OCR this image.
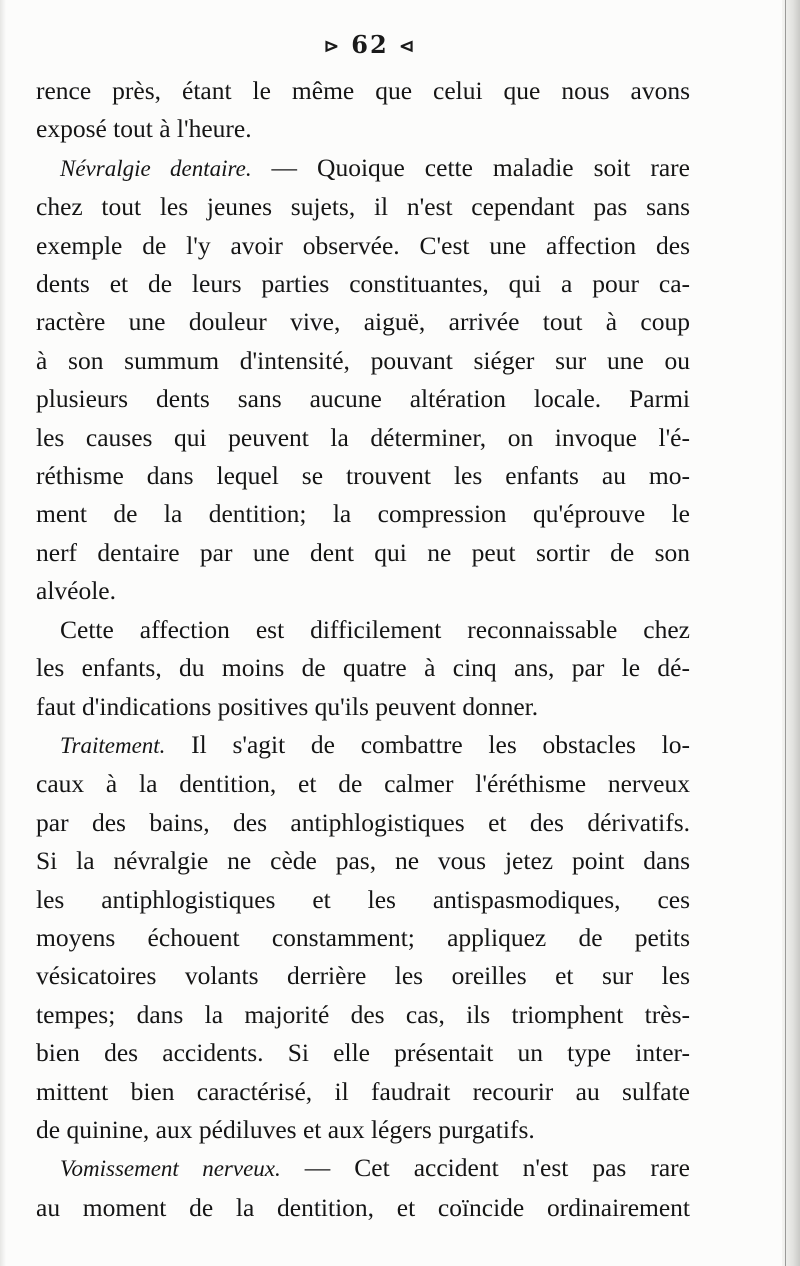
⊳ 62 ⊲
rence près, étant le même que celui que nous avons
exposé tout à l'heure.
Névralgie dentaire. — Quoique cette maladie soit rare
chez tout les jeunes sujets, il n'est cependant pas sans
exemple de l'y avoir observée. C'est une affection des
dents et de leurs parties constituantes, qui a pour ca-
ractère une douleur vive, aiguë, arrivée tout à coup
à son summum d'intensité, pouvant siéger sur une ou
plusieurs dents sans aucune altération locale. Parmi
les causes qui peuvent la déterminer, on invoque l'é-
réthisme dans lequel se trouvent les enfants au mo-
ment de la dentition; la compression qu'éprouve le
nerf dentaire par une dent qui ne peut sortir de son
alvéole.
Cette affection est difficilement reconnaissable chez
les enfants, du moins de quatre à cinq ans, par le dé-
faut d'indications positives qu'ils peuvent donner.
Traitement. Il s'agit de combattre les obstacles lo-
caux à la dentition, et de calmer l'éréthisme nerveux
par des bains, des antiphlogistiques et des dérivatifs.
Si la névralgie ne cède pas, ne vous jetez point dans
les antiphlogistiques et les antispasmodiques, ces
moyens échouent constamment; appliquez de petits
vésicatoires volants derrière les oreilles et sur les
tempes; dans la majorité des cas, ils triomphent très-
bien des accidents. Si elle présentait un type inter-
mittent bien caractérisé, il faudrait recourir au sulfate
de quinine, aux pédiluves et aux légers purgatifs.
Vomissement nerveux. — Cet accident n'est pas rare
au moment de la dentition, et coïncide ordinairement
